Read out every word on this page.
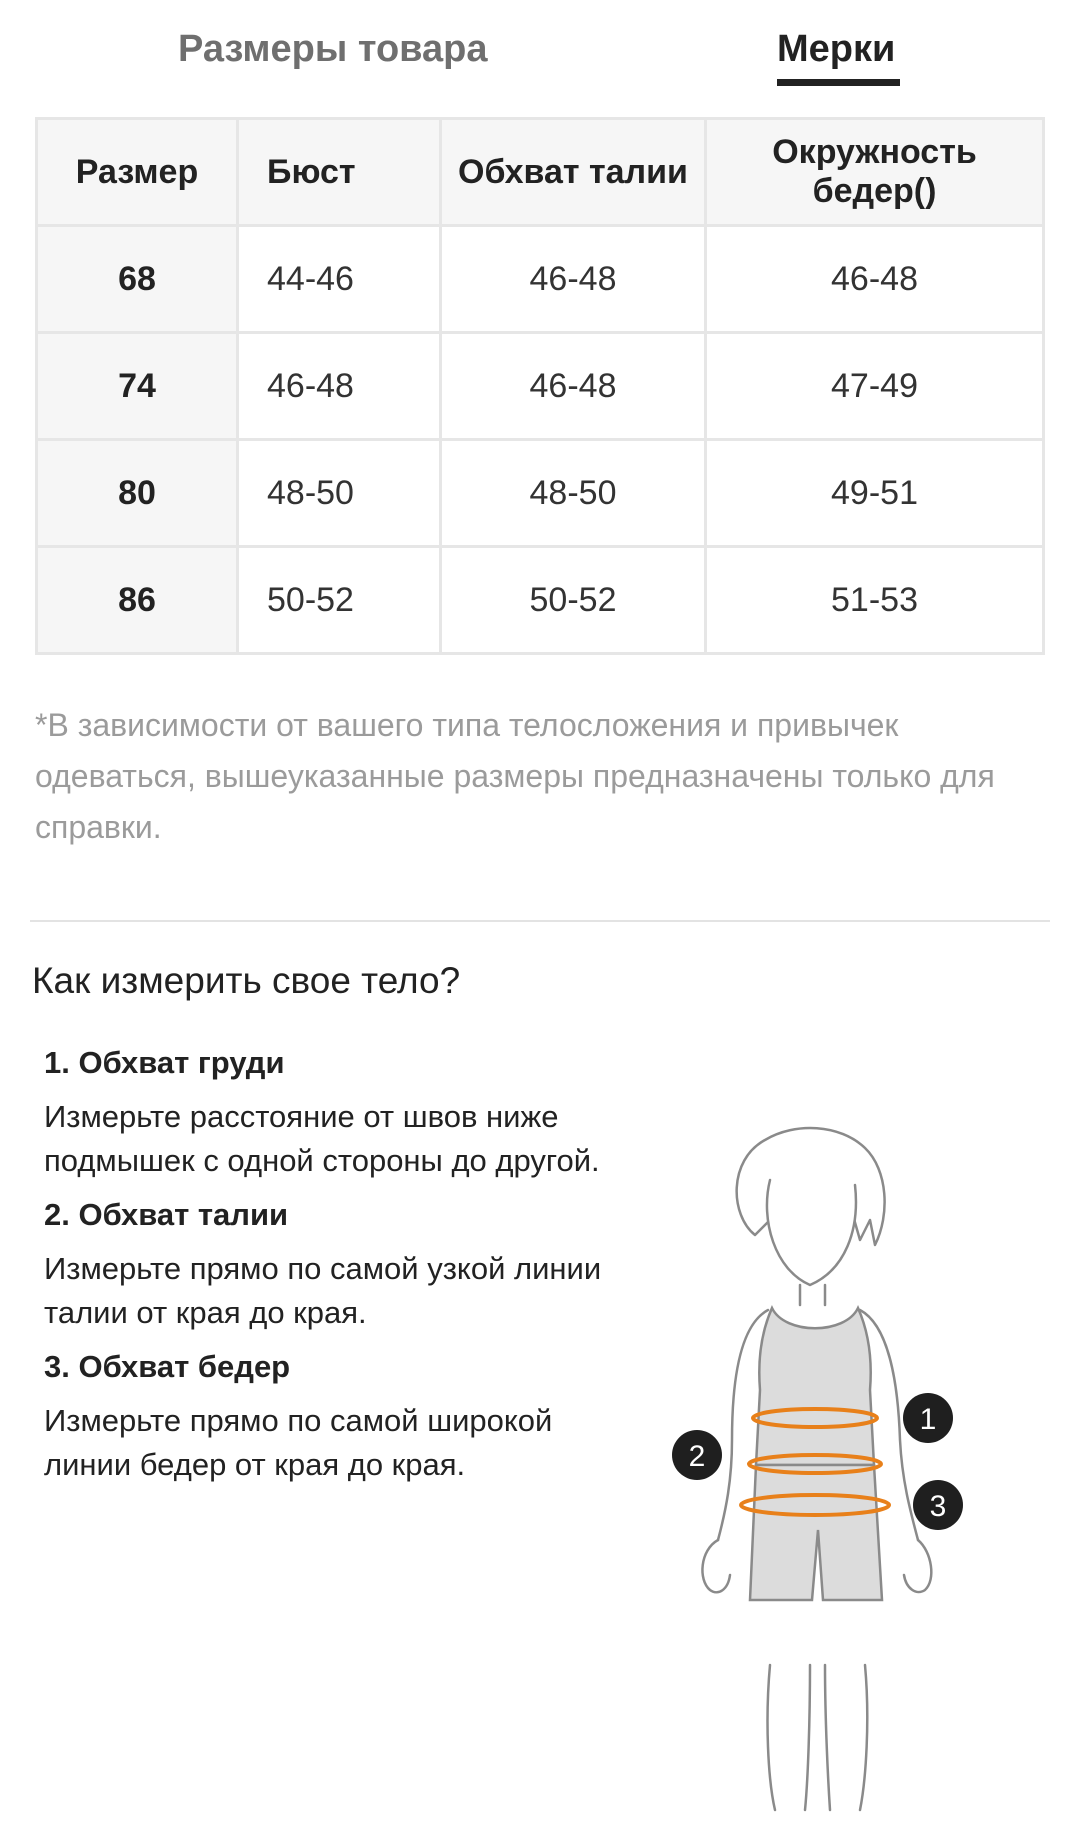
Размеры товара	Мерки
Размер	Бюст	Обхват талии	Окружность бедер()
68	44-46	46-48	46-48
74	46-48	46-48	47-49
80	48-50	48-50	49-51
86	50-52	50-52	51-53
*В зависимости от вашего типа телосложения и привычек одеваться, вышеуказанные размеры предназначены только для справки.
Как измерить свое тело?
1. Обхват груди
Измерьте расстояние от швов ниже подмышек с одной стороны до другой.
2. Обхват талии
Измерьте прямо по самой узкой линии талии от края до края.
3. Обхват бедер
Измерьте прямо по самой широкой линии бедер от края до края.
1
2
3
